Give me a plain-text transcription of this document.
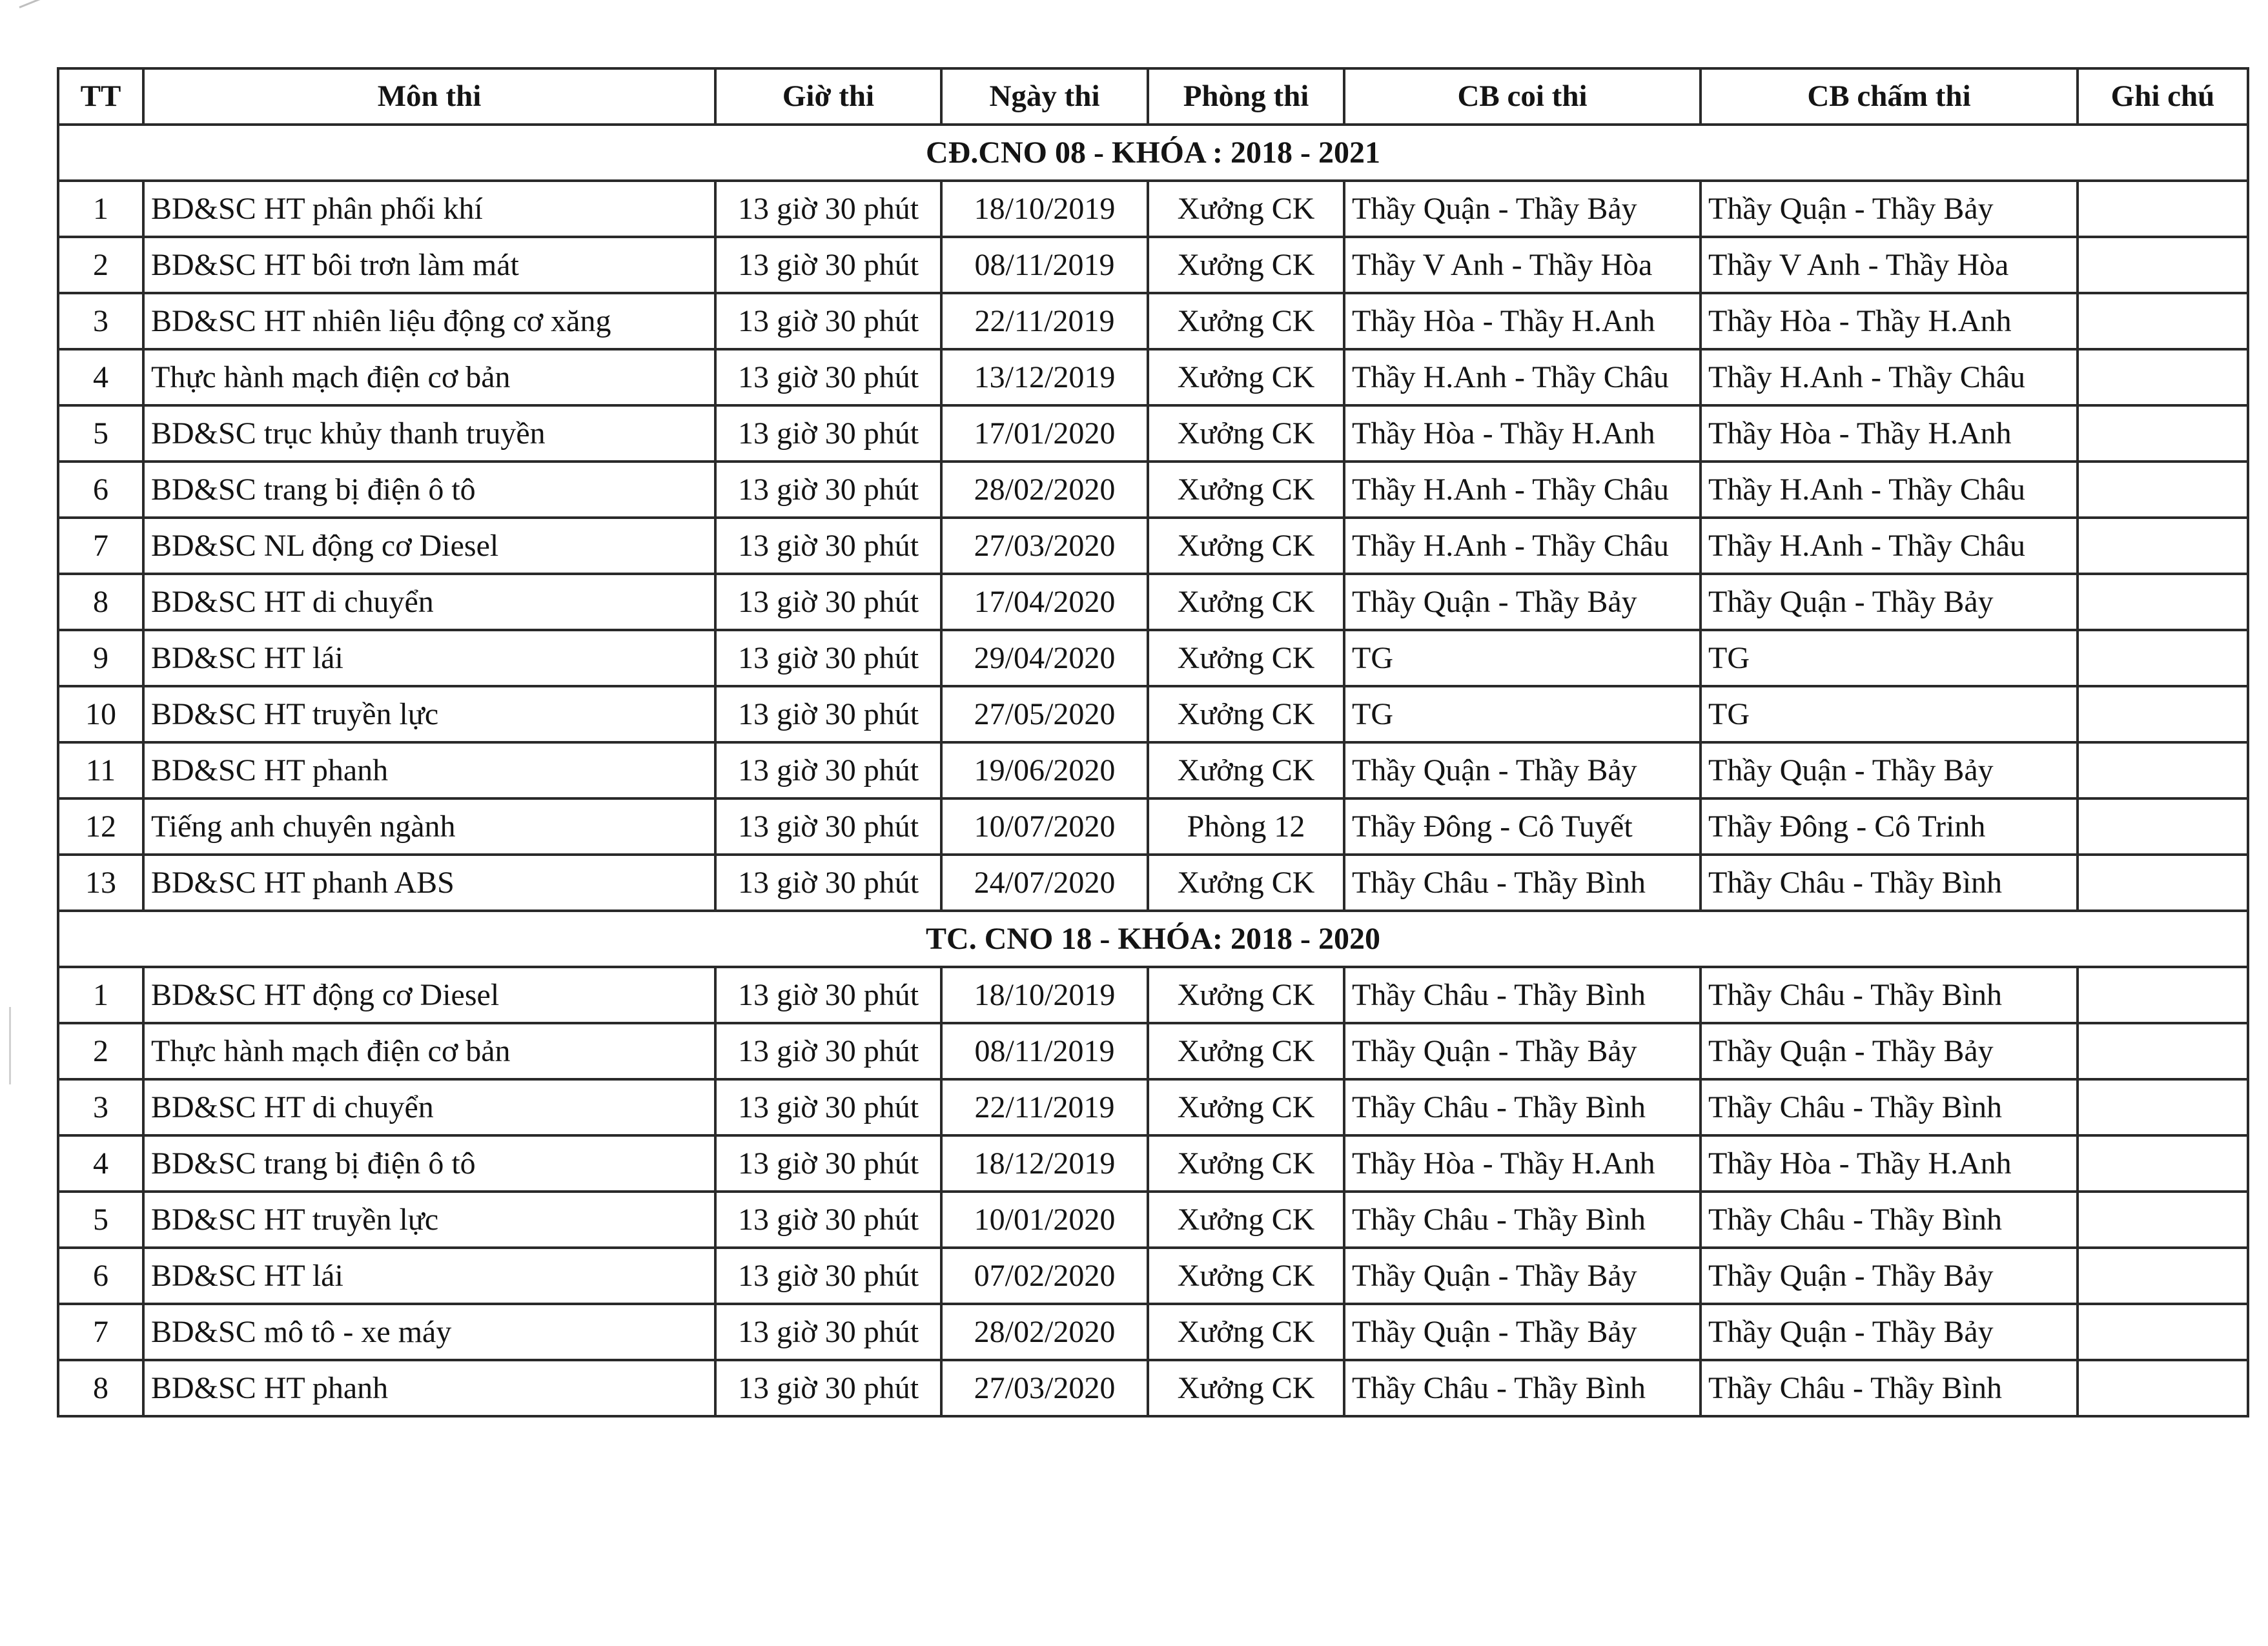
TT	Môn thi	Giờ thi	Ngày thi	Phòng thi	CB coi thi	CB chấm thi	Ghi chú
CĐ.CNO 08 - KHÓA : 2018 - 2021							
1	BD&SC HT phân phối khí	13 giờ 30 phút	18/10/2019	Xưởng CK	Thầy Quận - Thầy Bảy	Thầy Quận - Thầy Bảy	
2	BD&SC HT bôi trơn làm mát	13 giờ 30 phút	08/11/2019	Xưởng CK	Thầy V Anh - Thầy Hòa	Thầy V Anh - Thầy Hòa	
3	BD&SC HT nhiên liệu động cơ xăng	13 giờ 30 phút	22/11/2019	Xưởng CK	Thầy Hòa - Thầy H.Anh	Thầy Hòa - Thầy H.Anh	
4	Thực hành mạch điện cơ bản	13 giờ 30 phút	13/12/2019	Xưởng CK	Thầy H.Anh - Thầy Châu	Thầy H.Anh - Thầy Châu	
5	BD&SC trục khủy thanh truyền	13 giờ 30 phút	17/01/2020	Xưởng CK	Thầy Hòa - Thầy H.Anh	Thầy Hòa - Thầy H.Anh	
6	BD&SC trang bị điện ô tô	13 giờ 30 phút	28/02/2020	Xưởng CK	Thầy H.Anh - Thầy Châu	Thầy H.Anh - Thầy Châu	
7	BD&SC NL động cơ Diesel	13 giờ 30 phút	27/03/2020	Xưởng CK	Thầy H.Anh - Thầy Châu	Thầy H.Anh - Thầy Châu	
8	BD&SC HT di chuyển	13 giờ 30 phút	17/04/2020	Xưởng CK	Thầy Quận - Thầy Bảy	Thầy Quận - Thầy Bảy	
9	BD&SC HT lái	13 giờ 30 phút	29/04/2020	Xưởng CK	TG	TG	
10	BD&SC HT truyền lực	13 giờ 30 phút	27/05/2020	Xưởng CK	TG	TG	
11	BD&SC HT phanh	13 giờ 30 phút	19/06/2020	Xưởng CK	Thầy Quận - Thầy Bảy	Thầy Quận - Thầy Bảy	
12	Tiếng anh chuyên ngành	13 giờ 30 phút	10/07/2020	Phòng 12	Thầy Đông - Cô Tuyết	Thầy Đông - Cô Trinh	
13	BD&SC HT phanh ABS	13 giờ 30 phút	24/07/2020	Xưởng CK	Thầy Châu - Thầy Bình	Thầy Châu - Thầy Bình	
TC. CNO 18 - KHÓA: 2018 - 2020							
1	BD&SC HT động cơ Diesel	13 giờ 30 phút	18/10/2019	Xưởng CK	Thầy Châu - Thầy Bình	Thầy Châu - Thầy Bình	
2	Thực hành mạch điện cơ bản	13 giờ 30 phút	08/11/2019	Xưởng CK	Thầy Quận - Thầy Bảy	Thầy Quận - Thầy Bảy	
3	BD&SC HT di chuyển	13 giờ 30 phút	22/11/2019	Xưởng CK	Thầy Châu - Thầy Bình	Thầy Châu - Thầy Bình	
4	BD&SC trang bị điện ô tô	13 giờ 30 phút	18/12/2019	Xưởng CK	Thầy Hòa - Thầy H.Anh	Thầy Hòa - Thầy H.Anh	
5	BD&SC HT truyền lực	13 giờ 30 phút	10/01/2020	Xưởng CK	Thầy Châu - Thầy Bình	Thầy Châu - Thầy Bình	
6	BD&SC HT lái	13 giờ 30 phút	07/02/2020	Xưởng CK	Thầy Quận - Thầy Bảy	Thầy Quận - Thầy Bảy	
7	BD&SC mô tô - xe máy	13 giờ 30 phút	28/02/2020	Xưởng CK	Thầy Quận - Thầy Bảy	Thầy Quận - Thầy Bảy	
8	BD&SC HT phanh	13 giờ 30 phút	27/03/2020	Xưởng CK	Thầy Châu - Thầy Bình	Thầy Châu - Thầy Bình	
